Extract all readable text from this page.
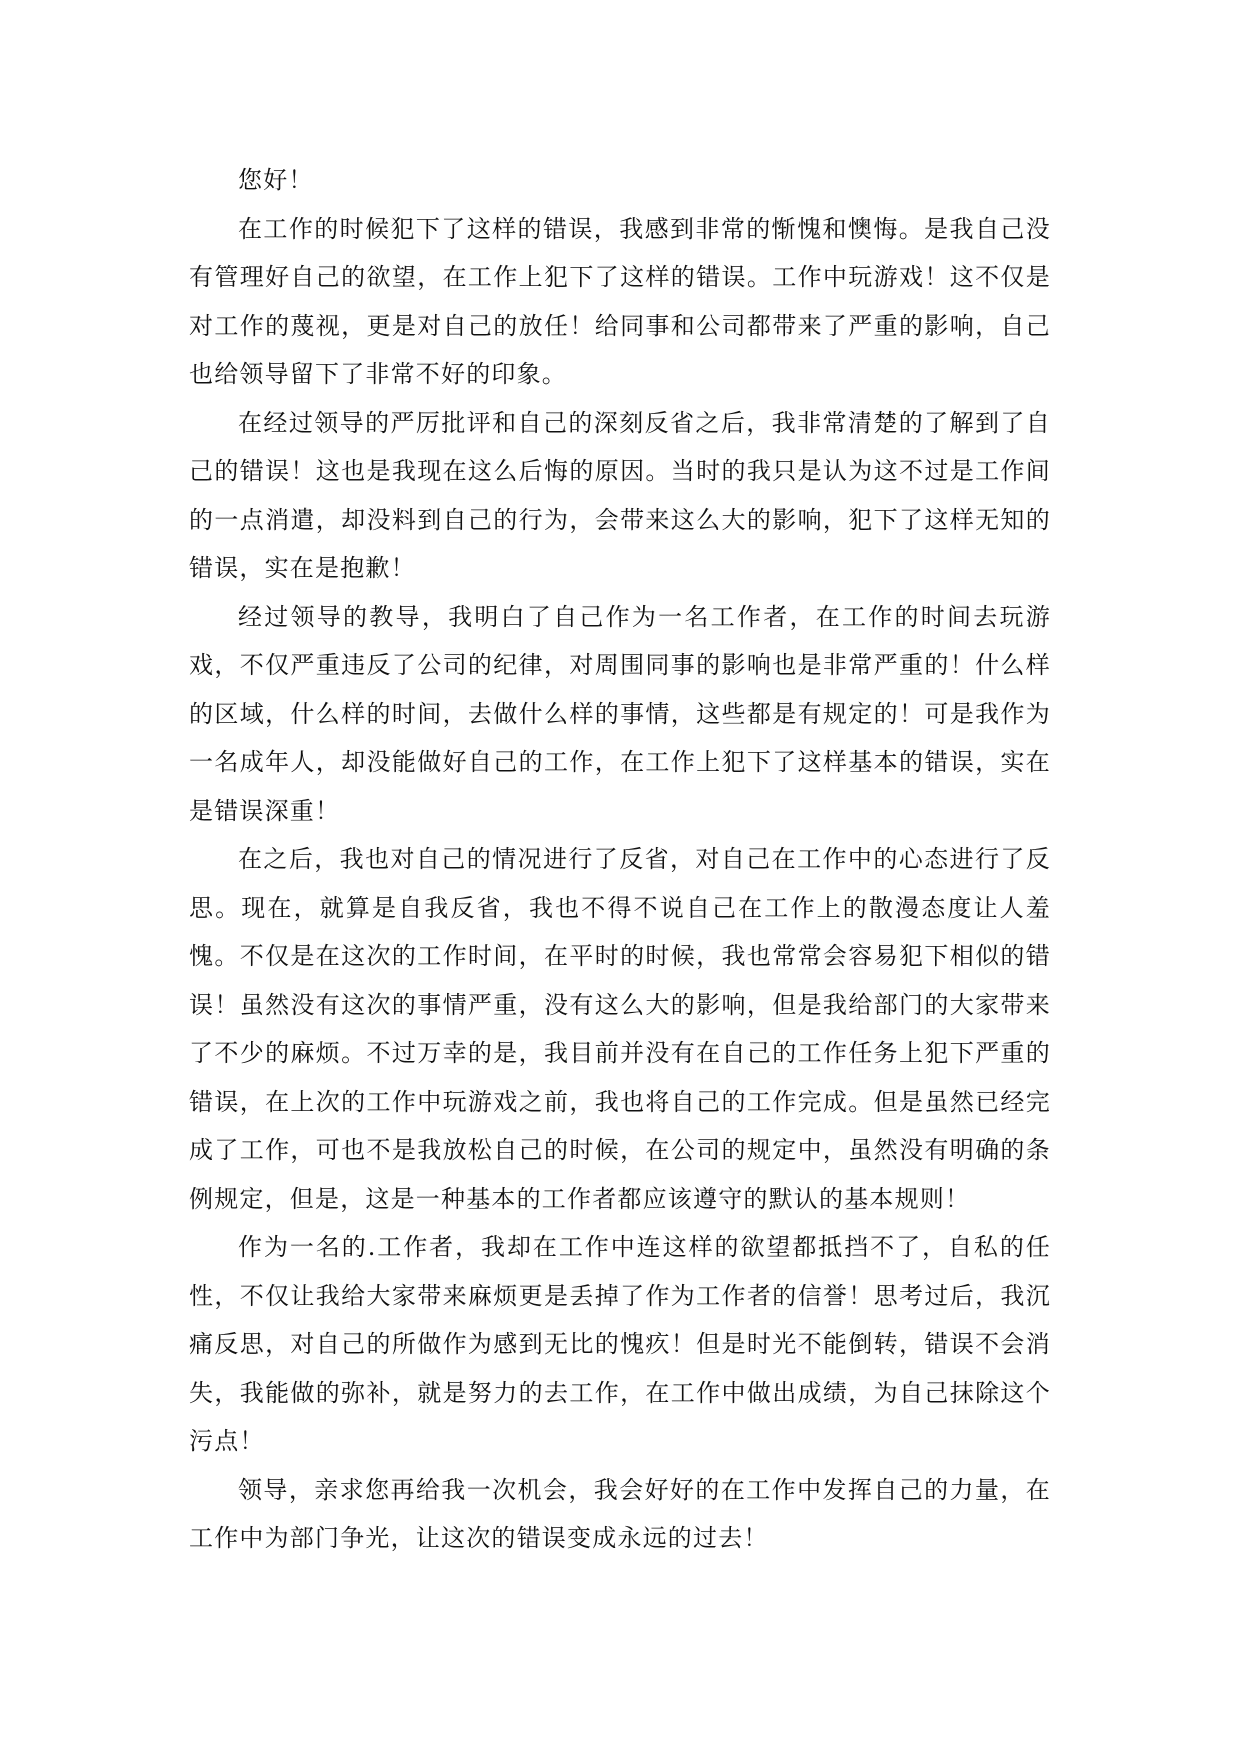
您好！

在工作的时候犯下了这样的错误，我感到非常的惭愧和懊悔。是我自己没有管理好自己的欲望，在工作上犯下了这样的错误。工作中玩游戏！这不仅是对工作的蔑视，更是对自己的放任！给同事和公司都带来了严重的影响，自己也给领导留下了非常不好的印象。

在经过领导的严厉批评和自己的深刻反省之后，我非常清楚的了解到了自己的错误！这也是我现在这么后悔的原因。当时的我只是认为这不过是工作间的一点消遣，却没料到自己的行为，会带来这么大的影响，犯下了这样无知的错误，实在是抱歉！

经过领导的教导，我明白了自己作为一名工作者，在工作的时间去玩游戏，不仅严重违反了公司的纪律，对周围同事的影响也是非常严重的！什么样的区域，什么样的时间，去做什么样的事情，这些都是有规定的！可是我作为一名成年人，却没能做好自己的工作，在工作上犯下了这样基本的错误，实在是错误深重！

在之后，我也对自己的情况进行了反省，对自己在工作中的心态进行了反思。现在，就算是自我反省，我也不得不说自己在工作上的散漫态度让人羞愧。不仅是在这次的工作时间，在平时的时候，我也常常会容易犯下相似的错误！虽然没有这次的事情严重，没有这么大的影响，但是我给部门的大家带来了不少的麻烦。不过万幸的是，我目前并没有在自己的工作任务上犯下严重的错误，在上次的工作中玩游戏之前，我也将自己的工作完成。但是虽然已经完成了工作，可也不是我放松自己的时候，在公司的规定中，虽然没有明确的条例规定，但是，这是一种基本的工作者都应该遵守的默认的基本规则！

作为一名的.工作者，我却在工作中连这样的欲望都抵挡不了，自私的任性，不仅让我给大家带来麻烦更是丢掉了作为工作者的信誉！思考过后，我沉痛反思，对自己的所做作为感到无比的愧疚！但是时光不能倒转，错误不会消失，我能做的弥补，就是努力的去工作，在工作中做出成绩，为自己抹除这个污点！

领导，亲求您再给我一次机会，我会好好的在工作中发挥自己的力量，在工作中为部门争光，让这次的错误变成永远的过去！
